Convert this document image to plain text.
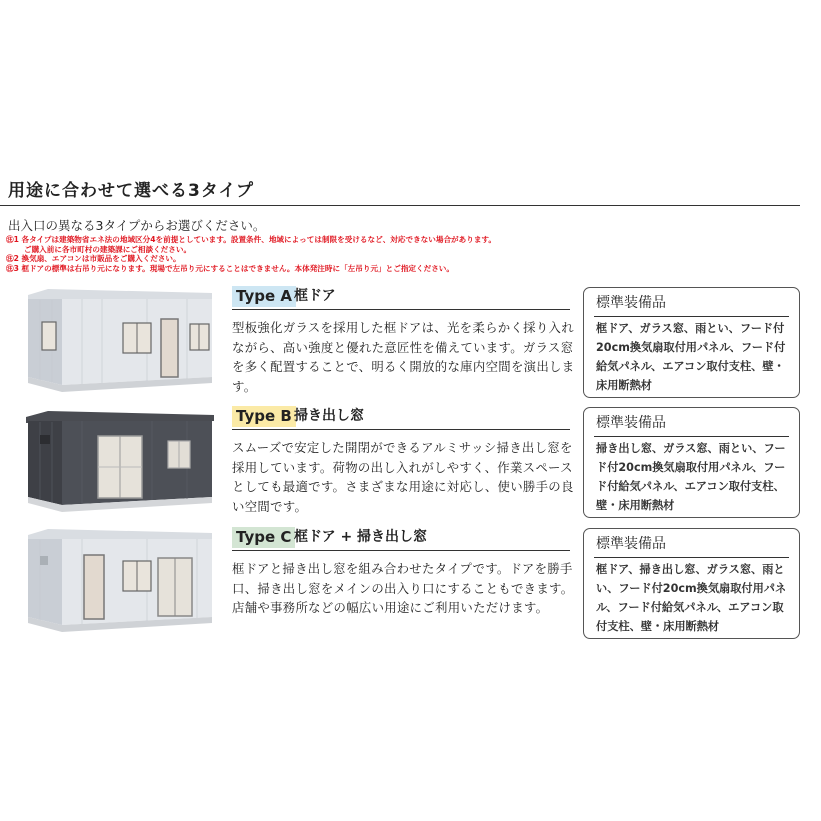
用途に合わせて選べる3タイプ
出入口の異なる3タイプからお選びください。
㊟1 各タイプは建築物省エネ法の地域区分4を前提としています。設置条件、地域によっては制限を受けるなど、対応できない場合があります。
ご購入前に各市町村の建築課にご相談ください。
㊟2 換気扇、エアコンは市販品をご購入ください。
㊟3 框ドアの標準は右吊り元になります。現場で左吊り元にすることはできません。本体発注時に「左吊り元」とご指定ください。
Type A 框ドア
型板強化ガラスを採用した框ドアは、光を柔らかく採り入れながら、高い強度と優れた意匠性を備えています。ガラス窓を多く配置することで、明るく開放的な庫内空間を演出します。
標準装備品
框ドア、ガラス窓、雨とい、フード付20cm換気扇取付用パネル、フード付給気パネル、エアコン取付支柱、壁・床用断熱材
Type B 掃き出し窓
スムーズで安定した開閉ができるアルミサッシ掃き出し窓を採用しています。荷物の出し入れがしやすく、作業スペースとしても最適です。さまざまな用途に対応し、使い勝手の良い空間です。
標準装備品
掃き出し窓、ガラス窓、雨とい、フード付20cm換気扇取付用パネル、フード付給気パネル、エアコン取付支柱、壁・床用断熱材
Type C 框ドア + 掃き出し窓
框ドアと掃き出し窓を組み合わせたタイプです。ドアを勝手口、掃き出し窓をメインの出入り口にすることもできます。店舗や事務所などの幅広い用途にご利用いただけます。
標準装備品
框ドア、掃き出し窓、ガラス窓、雨とい、フード付20cm換気扇取付用パネル、フード付給気パネル、エアコン取付支柱、壁・床用断熱材
